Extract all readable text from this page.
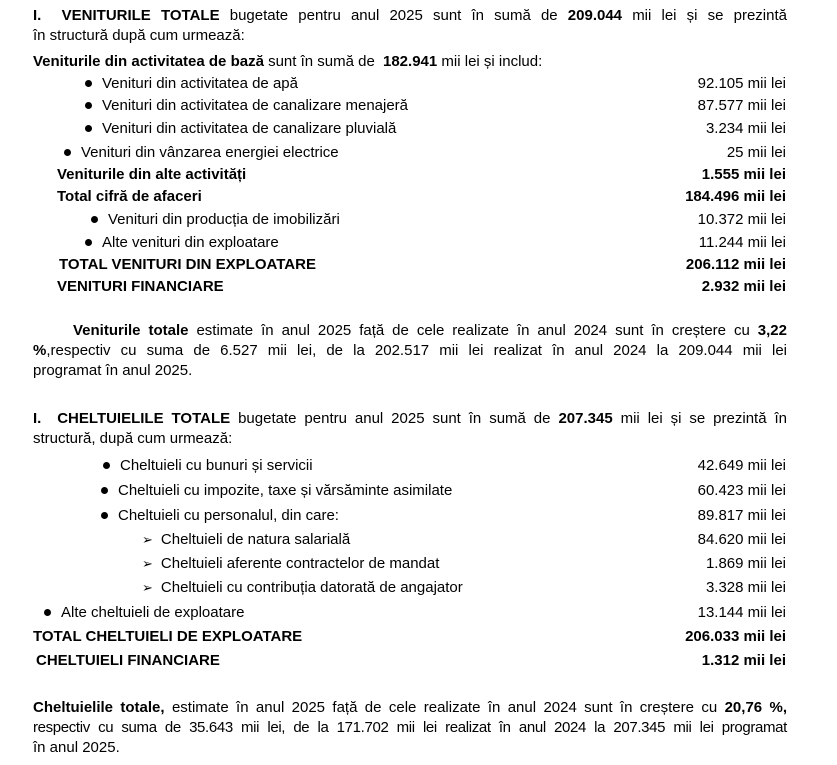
I. VENITURILE TOTALE bugetate pentru anul 2025 sunt în sumă de 209.044 mii lei și se prezintă
în structură după cum urmează:
Veniturile din activitatea de bază sunt în sumă de 182.941 mii lei și includ:
Venituri din activitatea de apă	92.105 mii lei
Venituri din activitatea de canalizare menajeră	87.577 mii lei
Venituri din activitatea de canalizare pluvială	3.234 mii lei
Venituri din vânzarea energiei electrice	25 mii lei
Veniturile din alte activități	1.555 mii lei
Total cifră de afaceri	184.496 mii lei
Venituri din producția de imobilizări	10.372 mii lei
Alte venituri din exploatare	11.244 mii lei
TOTAL VENITURI DIN EXPLOATARE	206.112 mii lei
VENITURI FINANCIARE	2.932 mii lei
Veniturile totale estimate în anul 2025 față de cele realizate în anul 2024 sunt în creștere cu 3,22
%,respectiv cu suma de 6.527 mii lei, de la 202.517 mii lei realizat în anul 2024 la 209.044 mii lei
programat în anul 2025.
I. CHELTUIELILE TOTALE bugetate pentru anul 2025 sunt în sumă de 207.345 mii lei și se prezintă în
structură, după cum urmează:
Cheltuieli cu bunuri și servicii	42.649 mii lei
Cheltuieli cu impozite, taxe și vărsăminte asimilate	60.423 mii lei
Cheltuieli cu personalul, din care:	89.817 mii lei
➢ Cheltuieli de natura salarială	84.620 mii lei
➢ Cheltuieli aferente contractelor de mandat	1.869 mii lei
➢ Cheltuieli cu contribuția datorată de angajator	3.328 mii lei
Alte cheltuieli de exploatare	13.144 mii lei
TOTAL CHELTUIELI DE EXPLOATARE	206.033 mii lei
CHELTUIELI FINANCIARE	1.312 mii lei
Cheltuielile totale, estimate în anul 2025 față de cele realizate în anul 2024 sunt în creștere cu 20,76 %,
respectiv cu suma de 35.643 mii lei, de la 171.702 mii lei realizat în anul 2024 la 207.345 mii lei programat
în anul 2025.
